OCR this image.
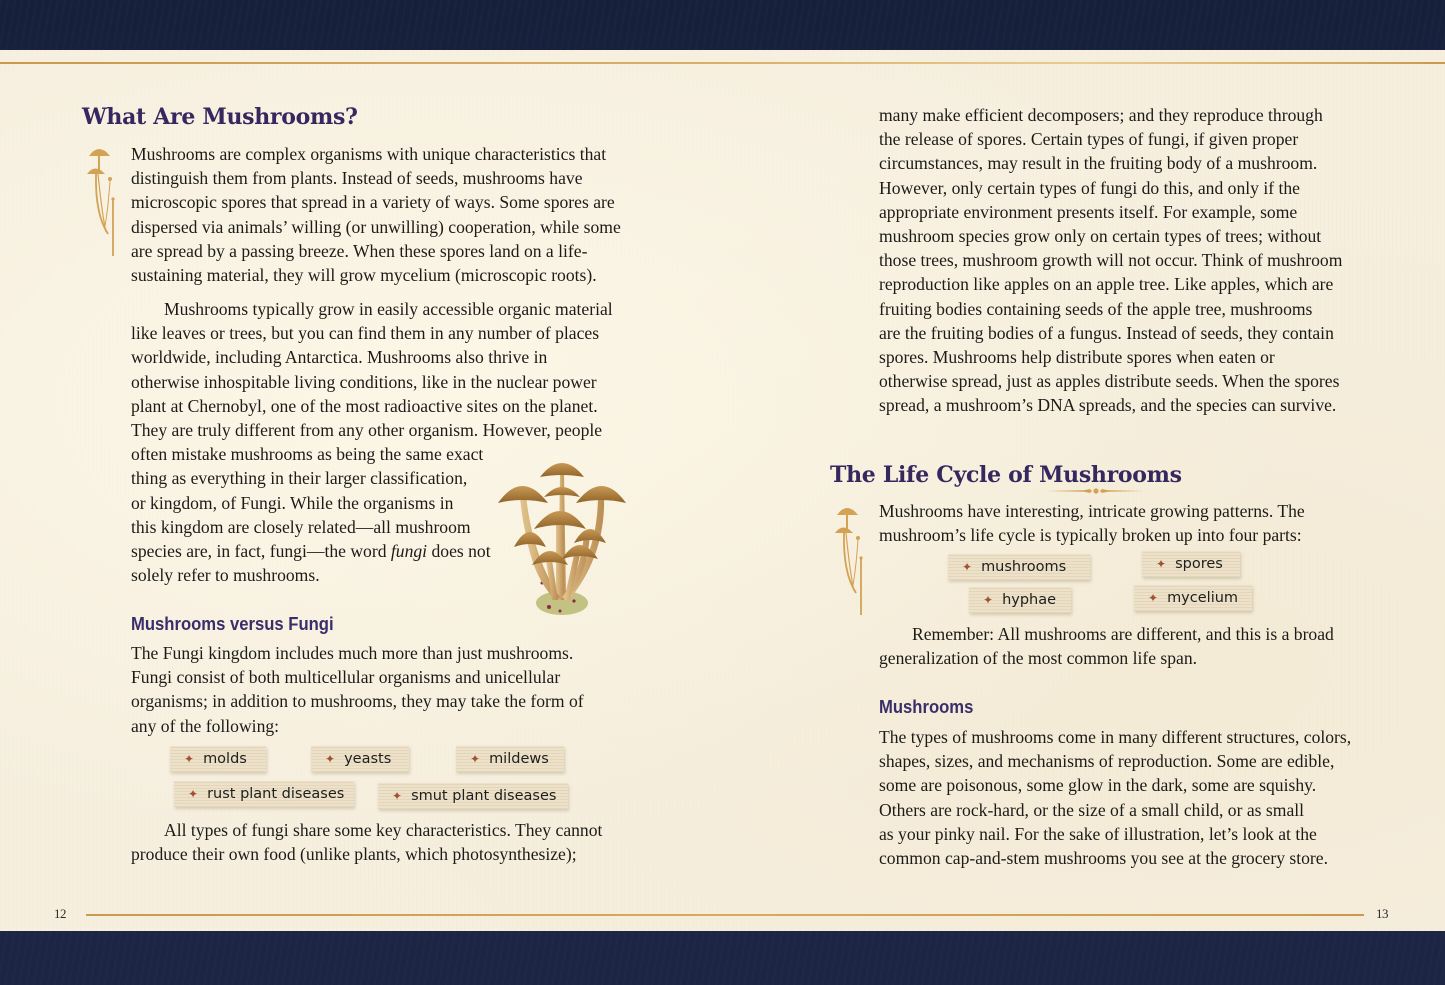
What Are Mushrooms?

Mushrooms are complex organisms with unique characteristics that
distinguish them from plants. Instead of seeds, mushrooms have
microscopic spores that spread in a variety of ways. Some spores are
dispersed via animals’ willing (or unwilling) cooperation, while some
are spread by a passing breeze. When these spores land on a life-
sustaining material, they will grow mycelium (microscopic roots).

Mushrooms typically grow in easily accessible organic material
like leaves or trees, but you can find them in any number of places
worldwide, including Antarctica. Mushrooms also thrive in
otherwise inhospitable living conditions, like in the nuclear power
plant at Chernobyl, one of the most radioactive sites on the planet.
They are truly different from any other organism. However, people
often mistake mushrooms as being the same exact
thing as everything in their larger classification,
or kingdom, of Fungi. While the organisms in
this kingdom are closely related—all mushroom
species are, in fact, fungi—the word fungi does not
solely refer to mushrooms.

Mushrooms versus Fungi

The Fungi kingdom includes much more than just mushrooms.
Fungi consist of both multicellular organisms and unicellular
organisms; in addition to mushrooms, they may take the form of
any of the following:

✦ molds	✦ yeasts	✦ mildews
✦ rust plant diseases	✦ smut plant diseases

All types of fungi share some key characteristics. They cannot
produce their own food (unlike plants, which photosynthesize);

many make efficient decomposers; and they reproduce through
the release of spores. Certain types of fungi, if given proper
circumstances, may result in the fruiting body of a mushroom.
However, only certain types of fungi do this, and only if the
appropriate environment presents itself. For example, some
mushroom species grow only on certain types of trees; without
those trees, mushroom growth will not occur. Think of mushroom
reproduction like apples on an apple tree. Like apples, which are
fruiting bodies containing seeds of the apple tree, mushrooms
are the fruiting bodies of a fungus. Instead of seeds, they contain
spores. Mushrooms help distribute spores when eaten or
otherwise spread, just as apples distribute seeds. When the spores
spread, a mushroom’s DNA spreads, and the species can survive.

The Life Cycle of Mushrooms

Mushrooms have interesting, intricate growing patterns. The
mushroom’s life cycle is typically broken up into four parts:

✦ mushrooms	✦ spores
✦ hyphae	✦ mycelium

Remember: All mushrooms are different, and this is a broad
generalization of the most common life span.

Mushrooms

The types of mushrooms come in many different structures, colors,
shapes, sizes, and mechanisms of reproduction. Some are edible,
some are poisonous, some glow in the dark, some are squishy.
Others are rock-hard, or the size of a small child, or as small
as your pinky nail. For the sake of illustration, let’s look at the
common cap-and-stem mushrooms you see at the grocery store.

12	13
